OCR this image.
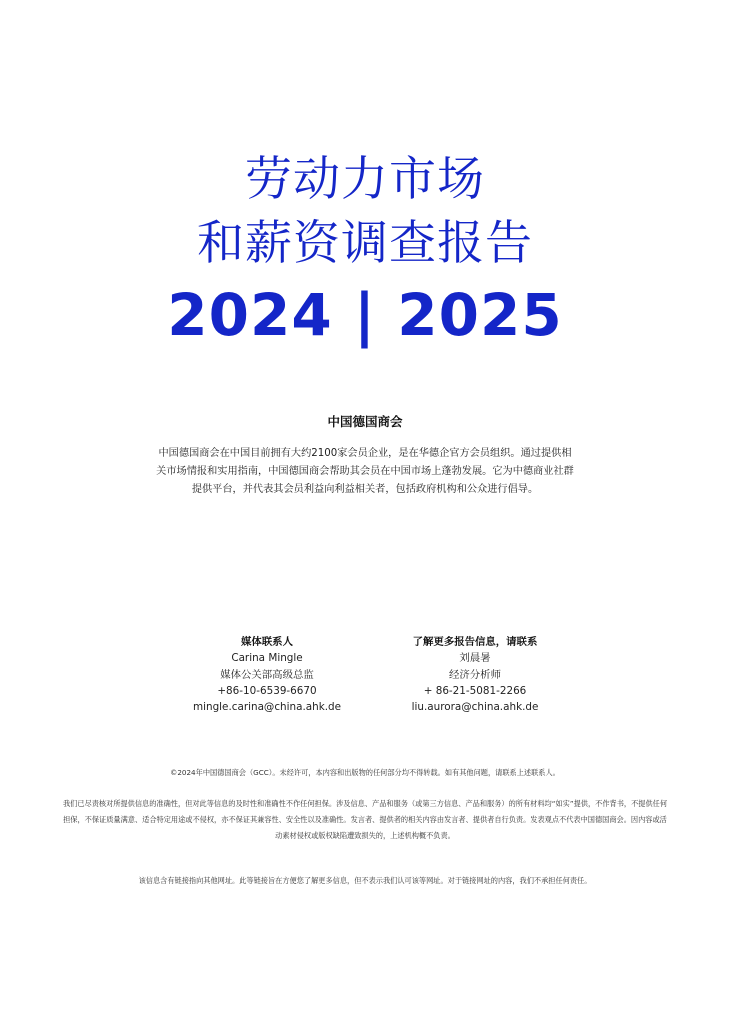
劳动力市场
和薪资调查报告
2024 | 2025
中国德国商会
中国德国商会在中国目前拥有大约2100家会员企业，是在华德企官方会员组织。通过提供相关市场情报和实用指南，中国德国商会帮助其会员在中国市场上蓬勃发展。它为中德商业社群提供平台，并代表其会员利益向利益相关者，包括政府机构和公众进行倡导。
媒体联系人
Carina Mingle
媒体公关部高级总监
+86-10-6539-6670
mingle.carina@china.ahk.de
了解更多报告信息，请联系
刘晨暑
经济分析师
+ 86-21-5081-2266
liu.aurora@china.ahk.de
©2024年中国德国商会（GCC）。未经许可，本内容和出版物的任何部分均不得转载。如有其他问题，请联系上述联系人。
我们已尽责核对所提供信息的准确性，但对此等信息的及时性和准确性不作任何担保。涉及信息、产品和服务（或第三方信息、产品和服务）的所有材料均“如实”提供，不作背书，不提供任何担保，不保证质量满意、适合特定用途或不侵权，亦不保证其兼容性、安全性以及准确性。发言者、提供者的相关内容由发言者、提供者自行负责。发表观点不代表中国德国商会。因内容或活动素材侵权或版权缺陷遭致损失的，上述机构概不负责。
该信息含有链接指向其他网址。此等链接旨在方便您了解更多信息，但不表示我们认可该等网址。对于链接网址的内容，我们不承担任何责任。
